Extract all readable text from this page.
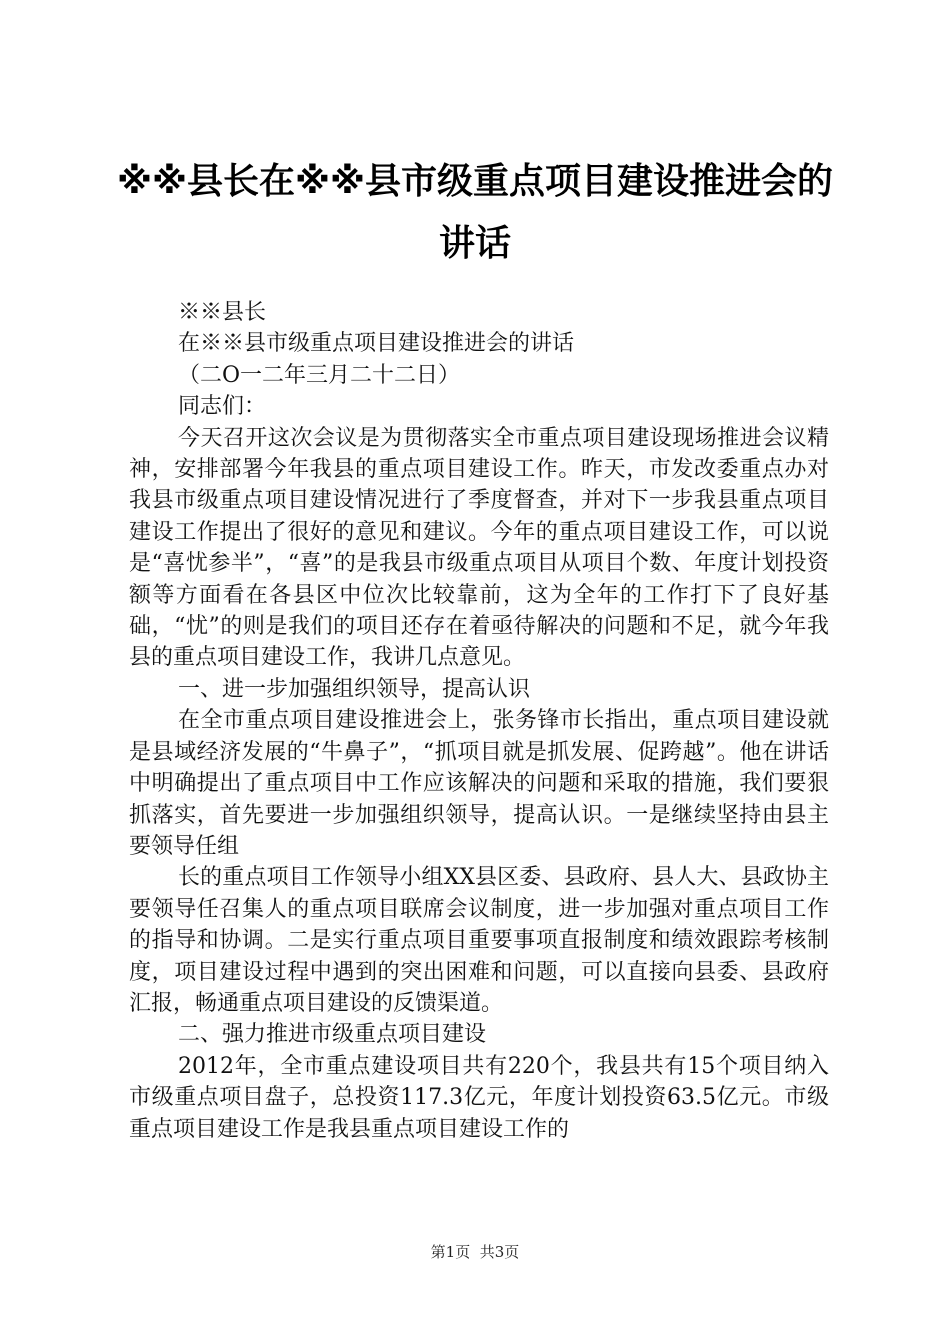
※※县长在※※县市级重点项目建设推进会的
讲话

※※县长

在※※县市级重点项目建设推进会的讲话

（二O一二年三月二十二日）

同志们：

今天召开这次会议是为贯彻落实全市重点项目建设现场推进会议精神，安排部署今年我县的重点项目建设工作。昨天，市发改委重点办对我县市级重点项目建设情况进行了季度督查，并对下一步我县重点项目建设工作提出了很好的意见和建议。今年的重点项目建设工作，可以说是“喜忧参半”，“喜”的是我县市级重点项目从项目个数、年度计划投资额等方面看在各县区中位次比较靠前，这为全年的工作打下了良好基础，“忧”的则是我们的项目还存在着亟待解决的问题和不足，就今年我县的重点项目建设工作，我讲几点意见。

一、进一步加强组织领导，提高认识

在全市重点项目建设推进会上，张务锋市长指出，重点项目建设就是县域经济发展的“牛鼻子”，“抓项目就是抓发展、促跨越”。他在讲话中明确提出了重点项目中工作应该解决的问题和采取的措施，我们要狠抓落实，首先要进一步加强组织领导，提高认识。一是继续坚持由县主要领导任组

长的重点项目工作领导小组XX县区委、县政府、县人大、县政协主要领导任召集人的重点项目联席会议制度，进一步加强对重点项目工作的指导和协调。二是实行重点项目重要事项直报制度和绩效跟踪考核制度，项目建设过程中遇到的突出困难和问题，可以直接向县委、县政府汇报，畅通重点项目建设的反馈渠道。

二、强力推进市级重点项目建设

2012年，全市重点建设项目共有220个，我县共有15个项目纳入市级重点项目盘子，总投资117.3亿元，年度计划投资63.5亿元。市级重点项目建设工作是我县重点项目建设工作的

第1页 共3页
